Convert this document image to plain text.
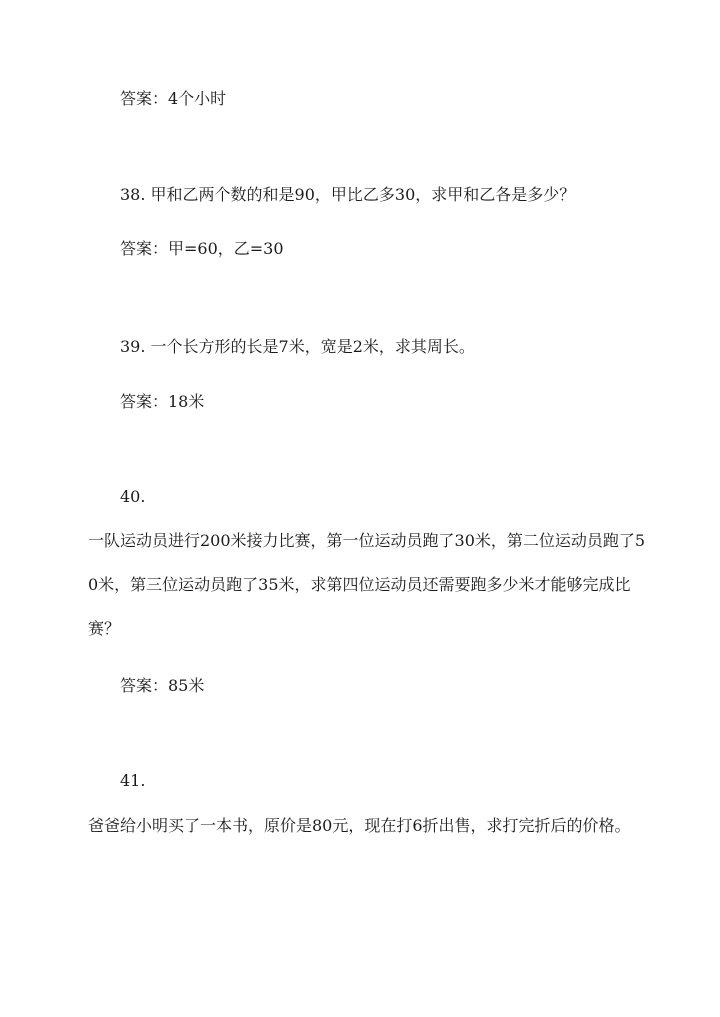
答案：4个小时
38. 甲和乙两个数的和是90，甲比乙多30，求甲和乙各是多少？
答案：甲=60，乙=30
39. 一个长方形的长是7米，宽是2米，求其周长。
答案：18米
40.
一队运动员进行200米接力比赛，第一位运动员跑了30米，第二位运动员跑了50米，第三位运动员跑了35米，求第四位运动员还需要跑多少米才能够完成比赛？
答案：85米
41.
爸爸给小明买了一本书，原价是80元，现在打6折出售，求打完折后的价格。
